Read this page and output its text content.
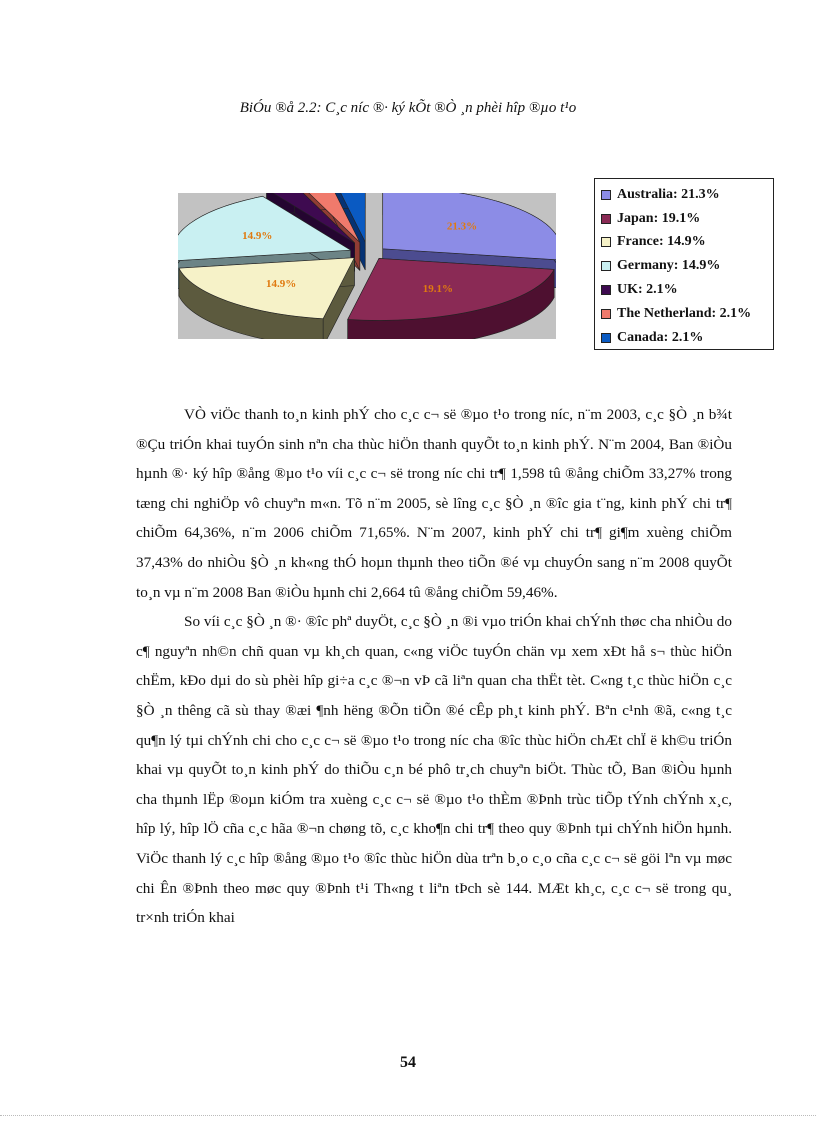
BiÓu ®å 2.2: C¸c níc ®· ký kÕt ®Ò ¸n phèi hîp ®µo t¹o
21.3%
19.1%
14.9%
14.9%
Australia: 21.3%
Japan: 19.1%
France: 14.9%
Germany: 14.9%
UK: 2.1%
The Netherland: 2.1%
Canada: 2.1%

VÒ viÖc thanh to¸n kinh phÝ cho c¸c c¬ së ®µo t¹o trong níc, n¨m 2003, c¸c §Ò ¸n b¾t ®Çu triÓn khai tuyÓn sinh nªn cha thùc hiÖn thanh quyÕt to¸n kinh phÝ. N¨m 2004, Ban ®iÒu hµnh ®· ký hîp ®ång ®µo t¹o víi c¸c c¬ së trong níc chi tr¶ 1,598 tû ®ång chiÕm 33,27% trong tæng chi nghiÖp vô chuyªn m«n. Tõ n¨m 2005, sè lîng c¸c §Ò ¸n ®îc gia t¨ng, kinh phÝ chi tr¶ chiÕm 64,36%, n¨m 2006 chiÕm 71,65%. N¨m 2007, kinh phÝ chi tr¶ gi¶m xuèng chiÕm 37,43% do nhiÒu §Ò ¸n kh«ng thÓ hoµn thµnh theo tiÕn ®é vµ chuyÓn sang n¨m 2008 quyÕt to¸n vµ n¨m 2008 Ban ®iÒu hµnh chi 2,664 tû ®ång chiÕm 59,46%.

So víi c¸c §Ò ¸n ®· ®îc phª duyÖt, c¸c §Ò ¸n ®i vµo triÓn khai chÝnh thøc cha nhiÒu do c¶ nguyªn nh©n chñ quan vµ kh¸ch quan, c«ng viÖc tuyÓn chän vµ xem xÐt hå s¬ thùc hiÖn chËm, kÐo dµi do sù phèi hîp gi÷a c¸c ®¬n vÞ cã liªn quan cha thËt tèt. C«ng t¸c thùc hiÖn c¸c §Ò ¸n thêng cã sù thay ®æi ¶nh hëng ®Õn tiÕn ®é cÊp ph¸t kinh phÝ. Bªn c¹nh ®ã, c«ng t¸c qu¶n lý tµi chÝnh chi cho c¸c c¬ së ®µo t¹o trong níc cha ®îc thùc hiÖn chÆt chÏ ë kh©u triÓn khai vµ quyÕt to¸n kinh phÝ do thiÕu c¸n bé phô tr¸ch chuyªn biÖt. Thùc tÕ, Ban ®iÒu hµnh cha thµnh lËp ®oµn kiÓm tra xuèng c¸c c¬ së ®µo t¹o thÈm ®Þnh trùc tiÕp tÝnh chÝnh x¸c, hîp lý, hîp lÖ cña c¸c hãa ®¬n chøng tõ, c¸c kho¶n chi tr¶ theo quy ®Þnh tµi chÝnh hiÖn hµnh. ViÖc thanh lý c¸c hîp ®ång ®µo t¹o ®îc thùc hiÖn dùa trªn b¸o c¸o cña c¸c c¬ së göi lªn vµ møc chi Ên ®Þnh theo møc quy ®Þnh t¹i Th«ng t liªn tÞch sè 144. MÆt kh¸c, c¸c c¬ së trong qu¸ tr×nh triÓn khai

54
